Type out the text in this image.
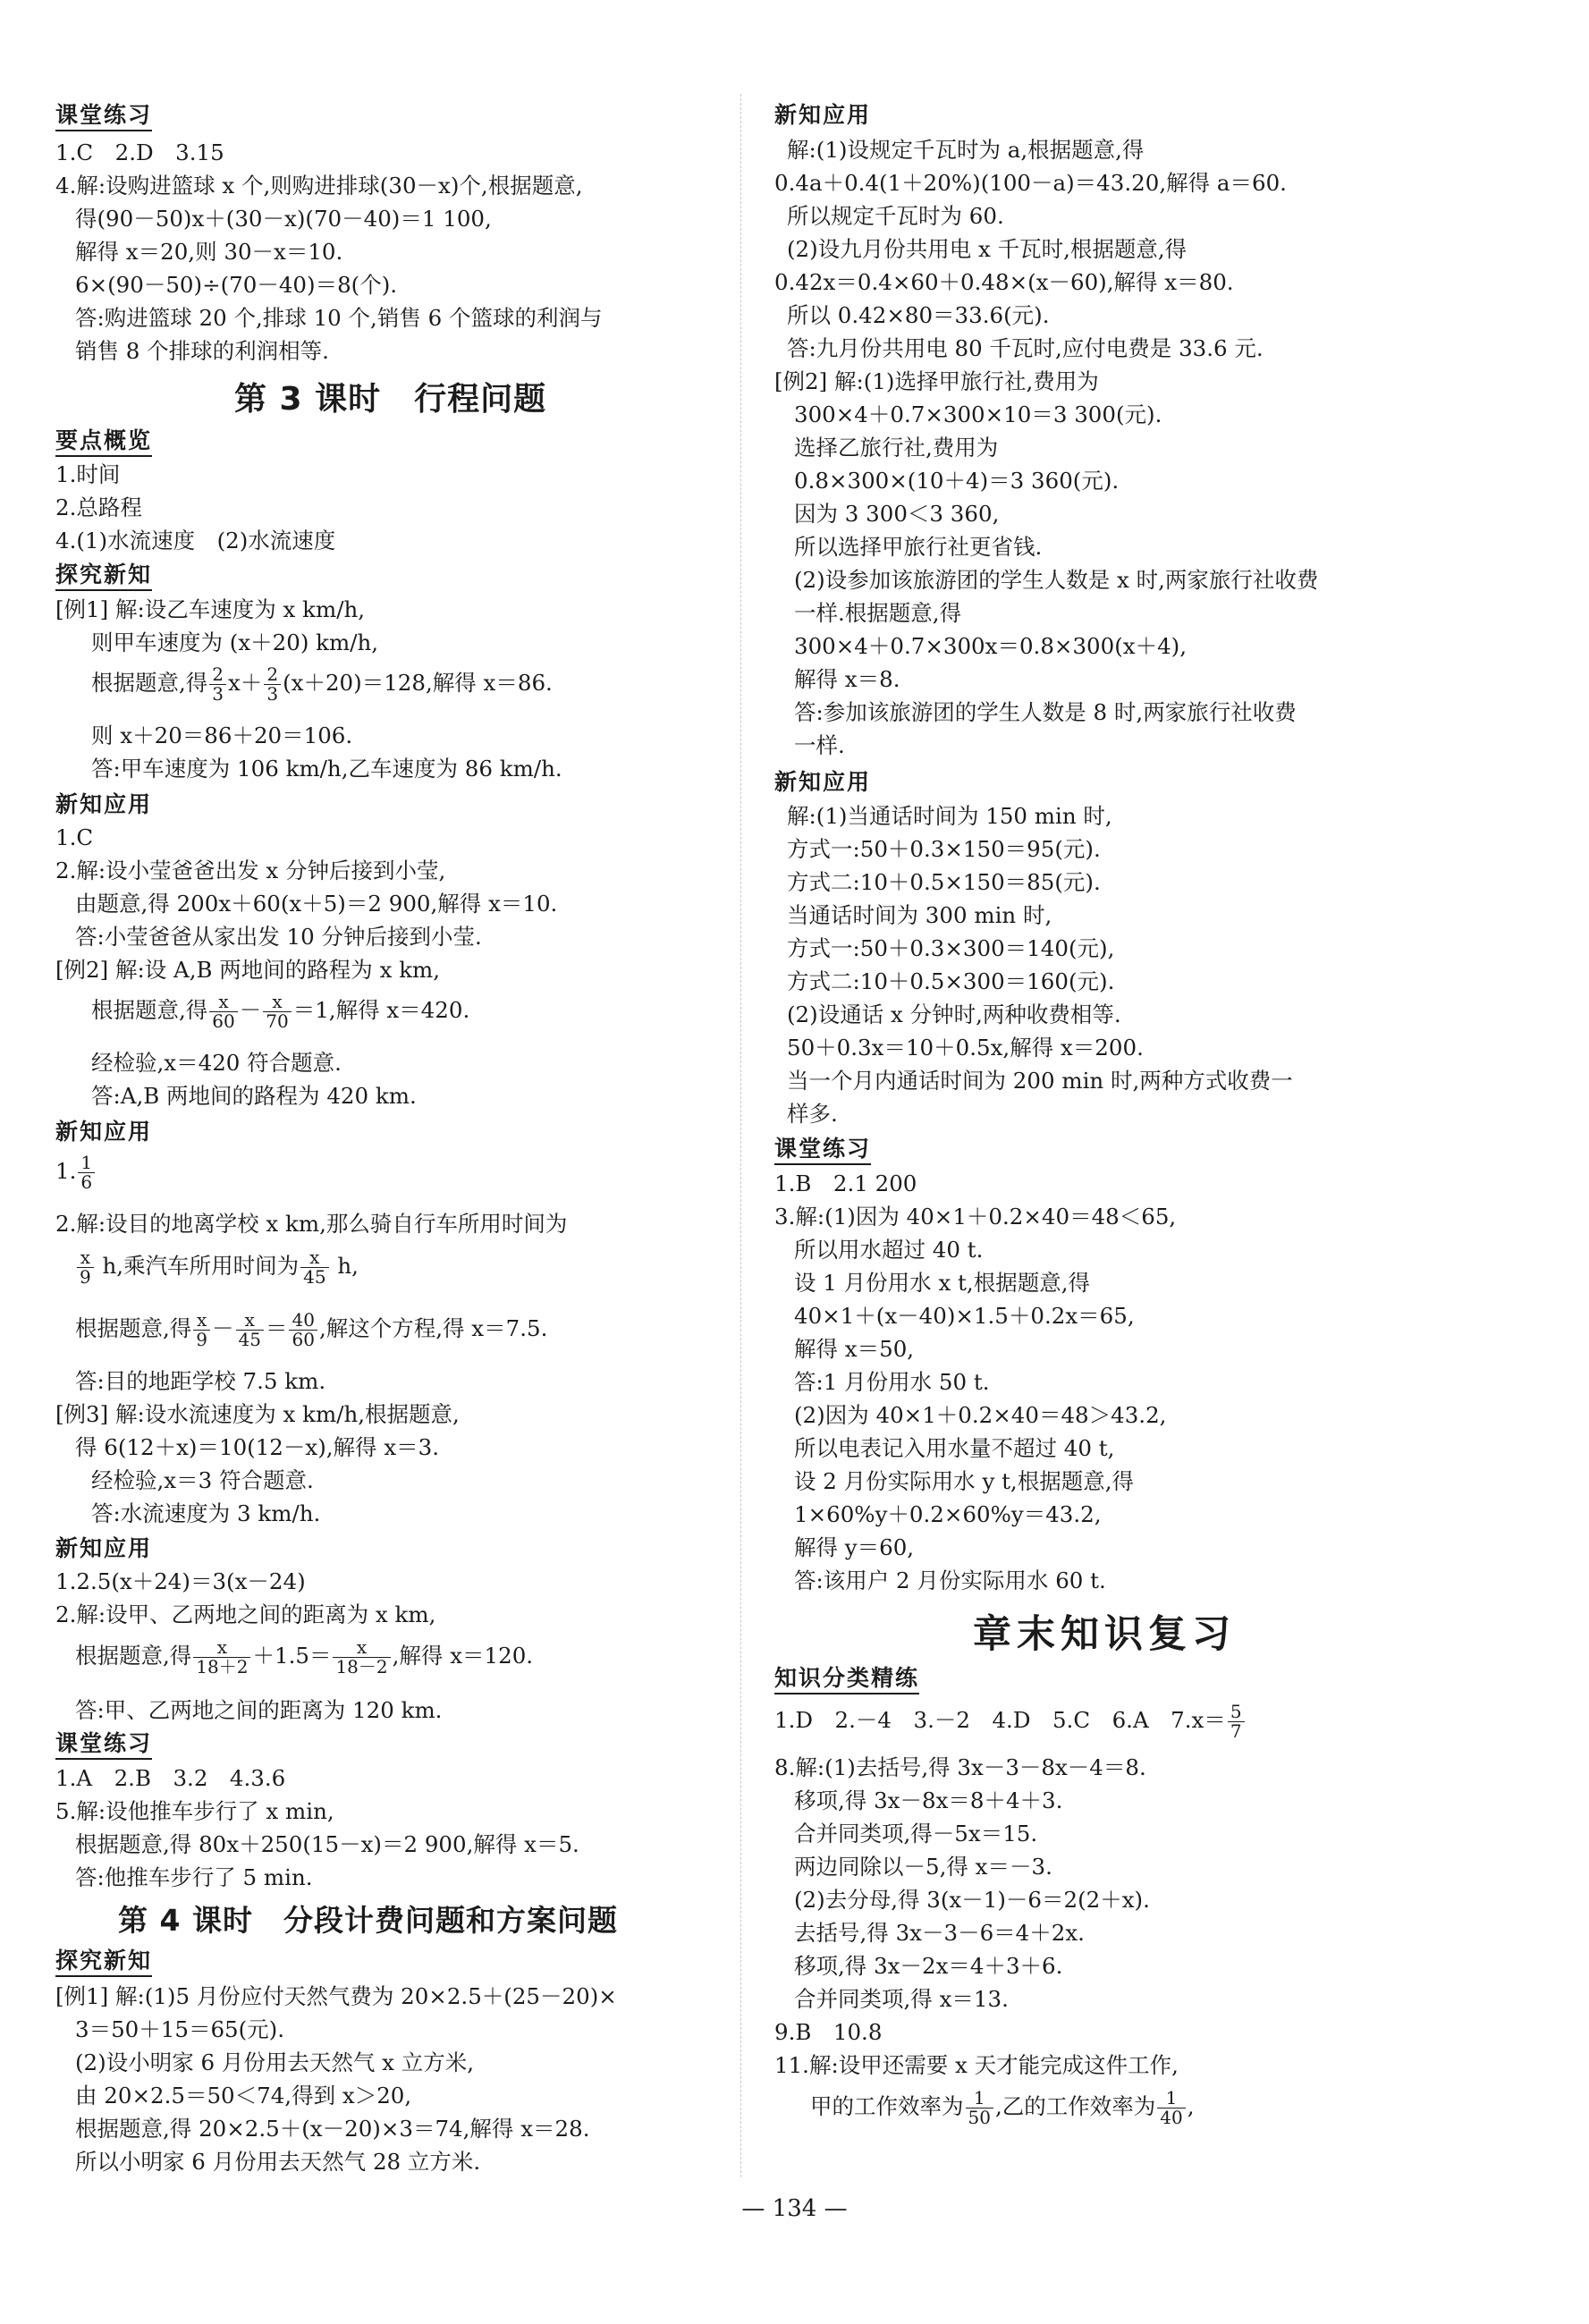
课堂练习
1.C　2.D　3.15
4.解:设购进篮球 x 个,则购进排球(30－x)个,根据题意,
得(90－50)x＋(30－x)(70－40)＝1 100,
解得 x＝20,则 30－x＝10.
6×(90－50)÷(70－40)＝8(个).
答:购进篮球 20 个,排球 10 个,销售 6 个篮球的利润与
销售 8 个排球的利润相等.
第 3 课时　行程问题
要点概览
1.时间
2.总路程
4.(1)水流速度　(2)水流速度
探究新知
[例1] 解:设乙车速度为 x km/h,
则甲车速度为 (x＋20) km/h,
根据题意,得 $\frac{2}{3} x+ \frac{2}{3} (x+20)=128$,解得 x＝86.
则 x＋20＝86＋20＝106.
答:甲车速度为 106 km/h,乙车速度为 86 km/h.
新知应用
1.C
2.解:设小莹爸爸出发 x 分钟后接到小莹,
由题意,得 200x＋60(x＋5)＝2 900,解得 x＝10.
答:小莹爸爸从家出发 10 分钟后接到小莹.
[例2] 解:设 A,B 两地间的路程为 x km,
根据题意,得 $\frac{x}{60} - \frac{x}{70} =1$,解得 x＝420.
经检验,x＝420 符合题意.
答:A,B 两地间的路程为 420 km.
新知应用
1. $\frac{1}{6}$
2.解:设目的地离学校 x km,那么骑自行车所用时间为
$\frac{x}{9} h$,乘汽车所用时间为 $\frac{x}{45} h$,
根据题意,得 $\frac{x}{9} - \frac{x}{45} = \frac{40}{60}$ ,解这个方程,得 x＝7.5.
答:目的地距学校 7.5 km.
[例3] 解:设水流速度为 x km/h,根据题意,
得 6(12＋x)＝10(12－x),解得 x＝3.
经检验,x＝3 符合题意.
答:水流速度为 3 km/h.
新知应用
1.2.5(x＋24)＝3(x－24)
2.解:设甲、乙两地之间的距离为 x km,
根据题意,得 $\frac{x}{18+2} +1.5= \frac{x}{18-2}$ ,解得 x＝120.
答:甲、乙两地之间的距离为 120 km.
课堂练习
1.A　2.B　3.2　4.3.6
5.解:设他推车步行了 x min,
根据题意,得 80x＋250(15－x)＝2 900,解得 x＝5.
答:他推车步行了 5 min.
第 4 课时　分段计费问题和方案问题
探究新知
[例1] 解:(1)5 月份应付天然气费为 20×2.5＋(25－20)×
3＝50＋15＝65(元).
(2)设小明家 6 月份用去天然气 x 立方米,
由 20×2.5＝50＜74,得到 x＞20,
根据题意,得 20×2.5＋(x－20)×3＝74,解得 x＝28.
所以小明家 6 月份用去天然气 28 立方米.
新知应用
解:(1)设规定千瓦时为 a,根据题意,得
0.4a＋0.4(1＋20%)(100－a)＝43.20,解得 a＝60.
所以规定千瓦时为 60.
(2)设九月份共用电 x 千瓦时,根据题意,得
0.42x＝0.4×60＋0.48×(x－60),解得 x＝80.
所以 0.42×80＝33.6(元).
答:九月份共用电 80 千瓦时,应付电费是 33.6 元.
[例2] 解:(1)选择甲旅行社,费用为
300×4＋0.7×300×10＝3 300(元).
选择乙旅行社,费用为
0.8×300×(10＋4)＝3 360(元).
因为 3 300＜3 360,
所以选择甲旅行社更省钱.
(2)设参加该旅游团的学生人数是 x 时,两家旅行社收费
一样.根据题意,得
300×4＋0.7×300x＝0.8×300(x＋4),
解得 x＝8.
答:参加该旅游团的学生人数是 8 时,两家旅行社收费
一样.
新知应用
解:(1)当通话时间为 150 min 时,
方式一:50＋0.3×150＝95(元).
方式二:10＋0.5×150＝85(元).
当通话时间为 300 min 时,
方式一:50＋0.3×300＝140(元),
方式二:10＋0.5×300＝160(元).
(2)设通话 x 分钟时,两种收费相等.
50＋0.3x＝10＋0.5x,解得 x＝200.
当一个月内通话时间为 200 min 时,两种方式收费一
样多.
课堂练习
1.B　2.1 200
3.解:(1)因为 40×1＋0.2×40＝48＜65,
所以用水超过 40 t.
设 1 月份用水 x t,根据题意,得
40×1＋(x－40)×1.5＋0.2x＝65,
解得 x＝50,
答:1 月份用水 50 t.
(2)因为 40×1＋0.2×40＝48＞43.2,
所以电表记入用水量不超过 40 t,
设 2 月份实际用水 y t,根据题意,得
1×60%y＋0.2×60%y＝43.2,
解得 y＝60,
答:该用户 2 月份实际用水 60 t.
章末知识复习
知识分类精练
1.D　2.－4　3.－2　4.D　5.C　6.A　$7.x= \frac{5}{7}$
8.解:(1)去括号,得 3x－3－8x－4＝8.
移项,得 3x－8x＝8＋4＋3.
合并同类项,得－5x＝15.
两边同除以－5,得 x＝－3.
(2)去分母,得 3(x－1)－6＝2(2＋x).
去括号,得 3x－3－6＝4＋2x.
移项,得 3x－2x＝4＋3＋6.
合并同类项,得 x＝13.
9.B　10.8
11.解:设甲还需要 x 天才能完成这件工作,
甲的工作效率为 $\frac{1}{50}$ ,乙的工作效率为 $\frac{1}{40}$ ,
— 134 —
